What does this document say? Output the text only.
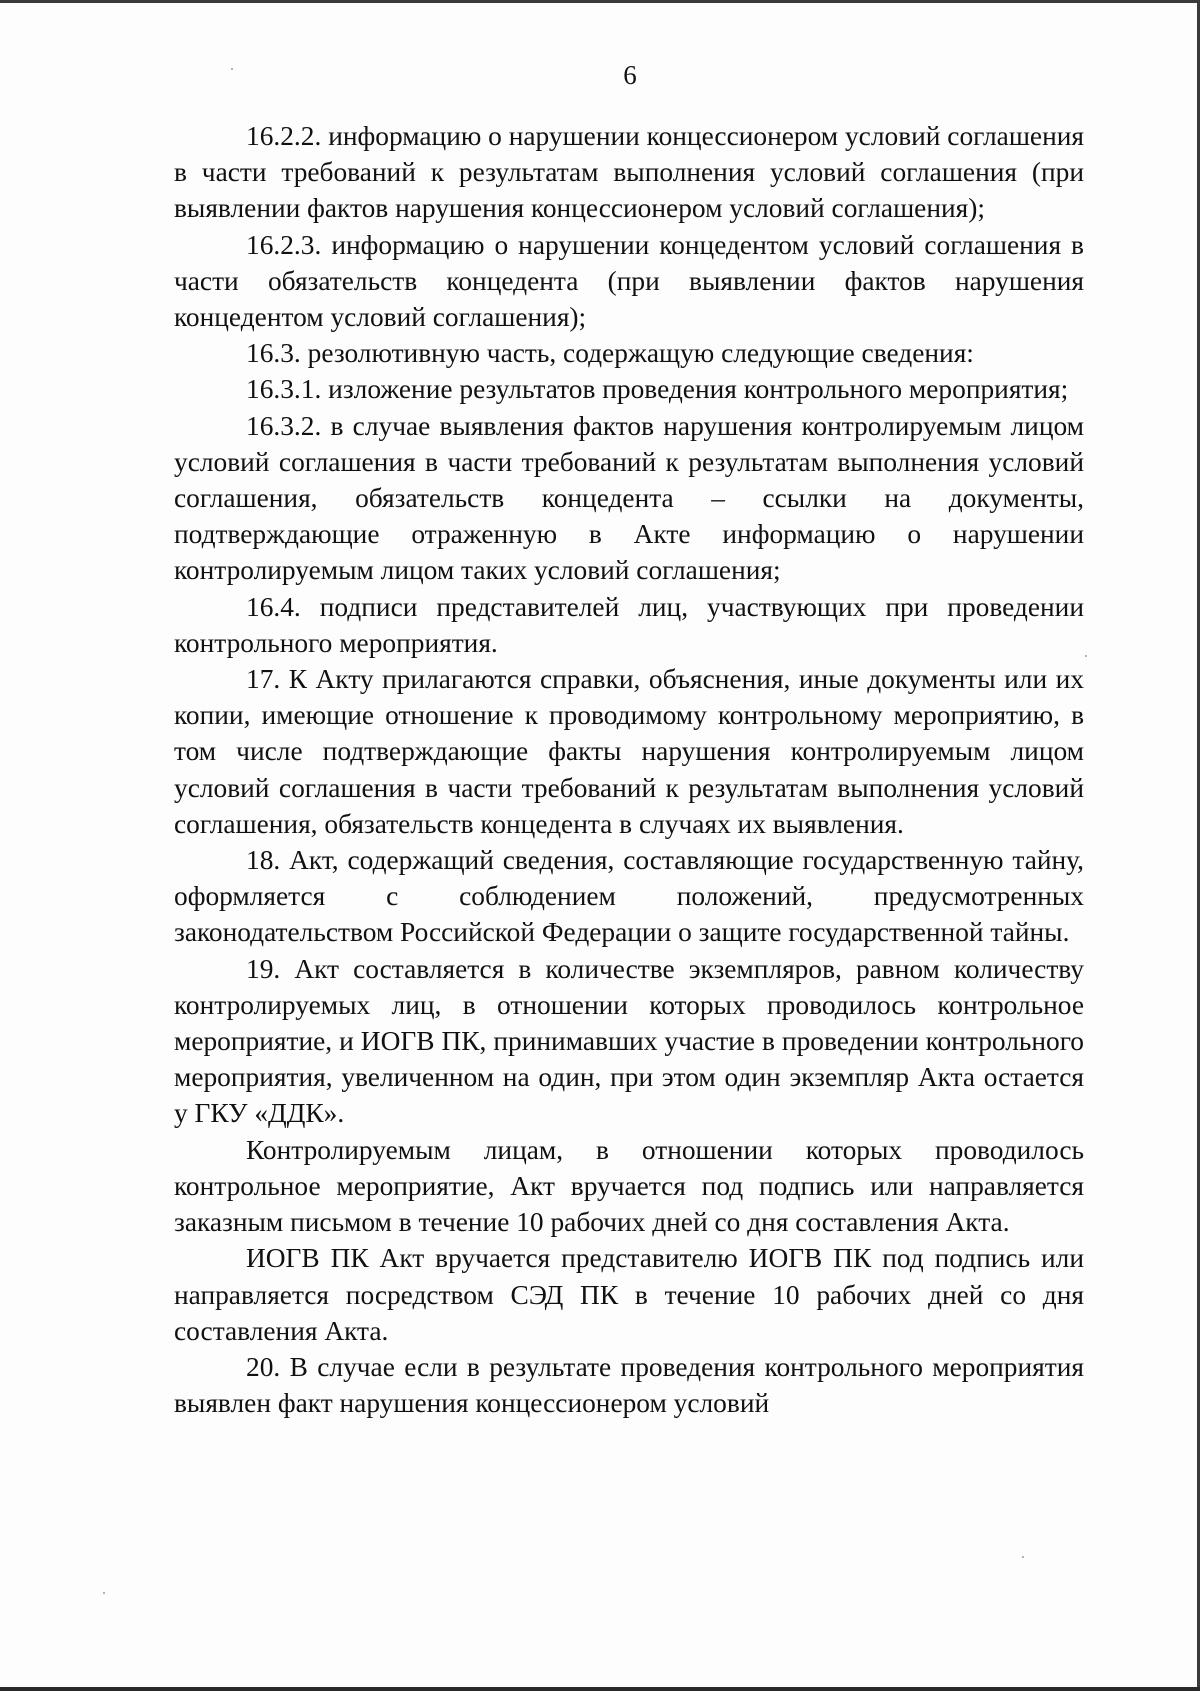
6

16.2.2. информацию о нарушении концессионером условий соглашения в части требований к результатам выполнения условий соглашения (при выявлении фактов нарушения концессионером условий соглашения);

16.2.3. информацию о нарушении концедентом условий соглашения в части обязательств концедента (при выявлении фактов нарушения концедентом условий соглашения);

16.3. резолютивную часть, содержащую следующие сведения:

16.3.1. изложение результатов проведения контрольного мероприятия;

16.3.2. в случае выявления фактов нарушения контролируемым лицом условий соглашения в части требований к результатам выполнения условий соглашения, обязательств концедента – ссылки на документы, подтверждающие отраженную в Акте информацию о нарушении контролируемым лицом таких условий соглашения;

16.4. подписи представителей лиц, участвующих при проведении контрольного мероприятия.

17. К Акту прилагаются справки, объяснения, иные документы или их копии, имеющие отношение к проводимому контрольному мероприятию, в том числе подтверждающие факты нарушения контролируемым лицом условий соглашения в части требований к результатам выполнения условий соглашения, обязательств концедента в случаях их выявления.

18. Акт, содержащий сведения, составляющие государственную тайну, оформляется с соблюдением положений, предусмотренных законодательством Российской Федерации о защите государственной тайны.

19. Акт составляется в количестве экземпляров, равном количеству контролируемых лиц, в отношении которых проводилось контрольное мероприятие, и ИОГВ ПК, принимавших участие в проведении контрольного мероприятия, увеличенном на один, при этом один экземпляр Акта остается у ГКУ «ДДК».

Контролируемым лицам, в отношении которых проводилось контрольное мероприятие, Акт вручается под подпись или направляется заказным письмом в течение 10 рабочих дней со дня составления Акта.

ИОГВ ПК Акт вручается представителю ИОГВ ПК под подпись или направляется посредством СЭД ПК в течение 10 рабочих дней со дня составления Акта.

20. В случае если в результате проведения контрольного мероприятия выявлен факт нарушения концессионером условий
